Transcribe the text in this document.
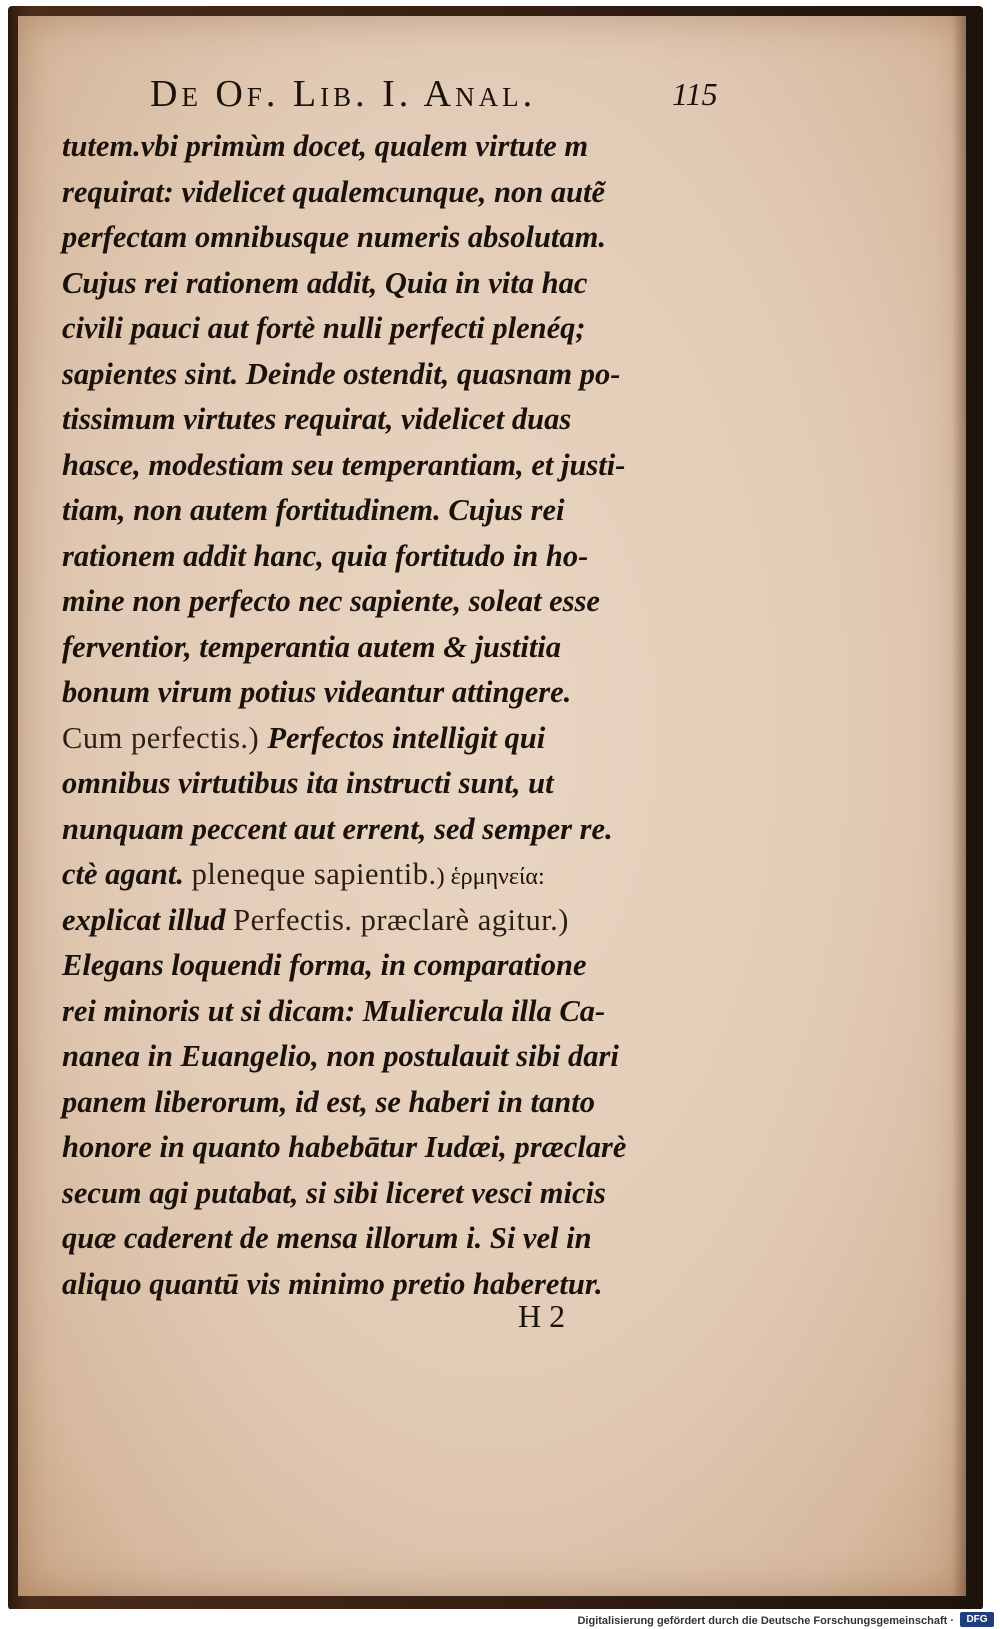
De Of. Lib. I. Anal.	115
tutem.vbi primùm docet, qualem virtute m
requirat: videlicet qualemcunque, non autẽ
perfectam omnibusque numeris absolutam.
Cujus rei rationem addit, Quia in vita hac
civili pauci aut fortè nulli perfecti plenéq;
sapientes sint. Deinde ostendit, quasnam po-
tissimum virtutes requirat, videlicet duas
hasce, modestiam seu temperantiam, et justi-
tiam, non autem fortitudinem. Cujus rei
rationem addit hanc, quia fortitudo in ho-
mine non perfecto nec sapiente, soleat esse
ferventior, temperantia autem & justitia
bonum virum potius videantur attingere.
Cum perfectis.) Perfectos intelligit qui
omnibus virtutibus ita instructi sunt, ut
nunquam peccent aut errent, sed semper re.
ctè agant. pleneque sapientib.) ἑρμηνεία:
explicat illud Perfectis. præclarè agitur.)
Elegans loquendi forma, in comparatione
rei minoris ut si dicam: Muliercula illa Ca-
nanea in Euangelio, non postulauit sibi dari
panem liberorum, id est, se haberi in tanto
honore in quanto habebātur Iudæi, præclarè
secum agi putabat, si sibi liceret vesci micis
quæ caderent de mensa illorum i. Si vel in
aliquo quantū vis minimo pretio haberetur.
H 2
Digitalisierung gefördert durch die Deutsche Forschungsgemeinschaft ·	DFG
